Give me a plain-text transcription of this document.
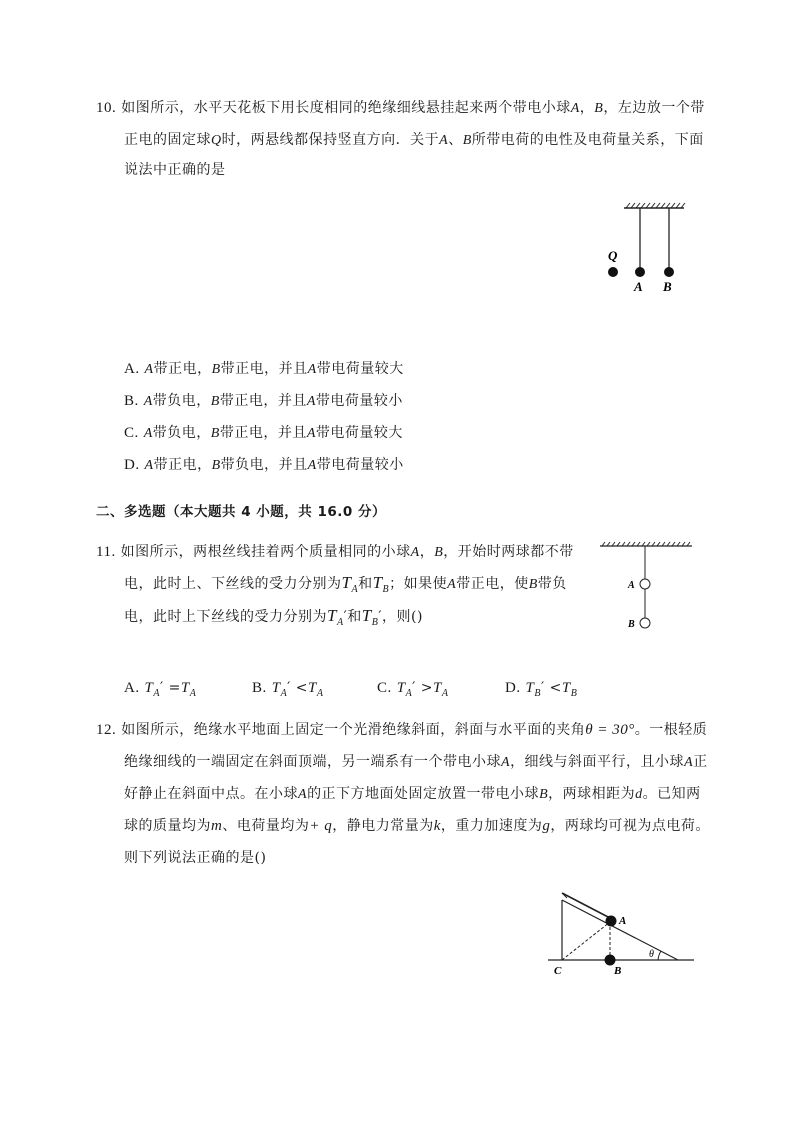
10. 如图所示，水平天花板下用长度相同的绝缘细线悬挂起来两个带电小球A，B，左边放一个带
正电的固定球Q时，两悬线都保持竖直方向．关于A、B所带电荷的电性及电荷量关系，下面
说法中正确的是
Q
A B
A. A带正电，B带正电，并且A带电荷量较大
B. A带负电，B带正电，并且A带电荷量较小
C. A带负电，B带正电，并且A带电荷量较大
D. A带正电，B带负电，并且A带电荷量较小
二、多选题（本大题共 4 小题，共 16.0 分）
11. 如图所示，两根丝线挂着两个质量相同的小球A，B，开始时两球都不带
电，此时上、下丝线的受力分别为$T_A$和$T_B$；如果使A带正电，使B带负
电，此时上下丝线的受力分别为$T_A'$和$T_B'$，则()
A
B
A. $T_A' =T_A$	B. $T_A' <T_A$	C. $T_A' >T_A$	D. $T_B' <T_B$
12. 如图所示，绝缘水平地面上固定一个光滑绝缘斜面，斜面与水平面的夹角θ = 30°。一根轻质
绝缘细线的一端固定在斜面顶端，另一端系有一个带电小球A，细线与斜面平行，且小球A正
好静止在斜面中点。在小球A的正下方地面处固定放置一带电小球B，两球相距为d。已知两
球的质量均为m、电荷量均为+ q，静电力常量为k，重力加速度为g，两球均可视为点电荷。
则下列说法正确的是()
A
B
C
θ
